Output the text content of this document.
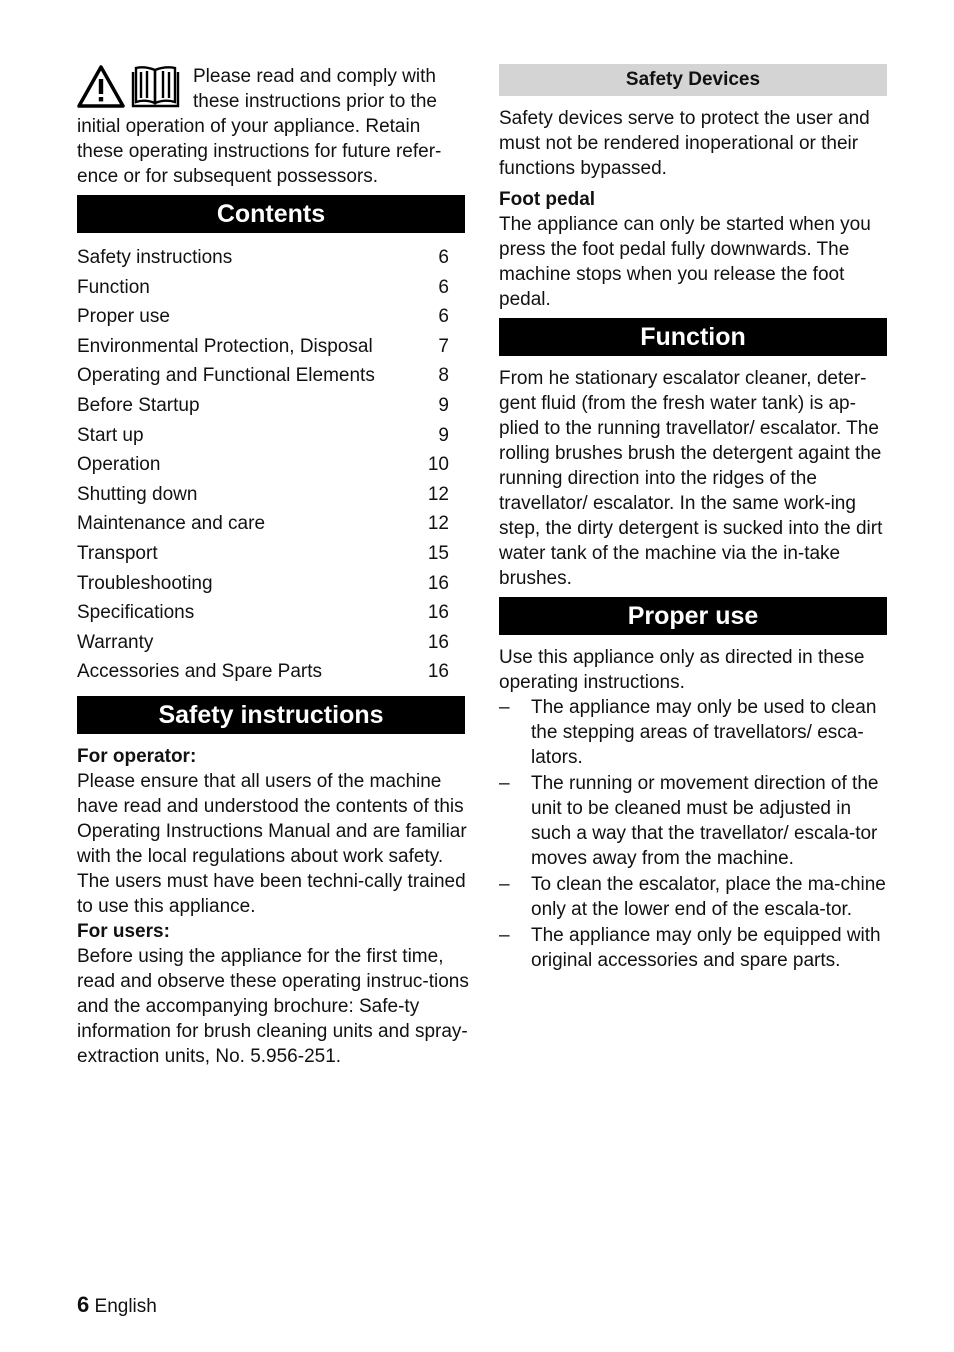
Please read and comply with these instructions prior to the initial operation of your appliance. Retain these operating instructions for future refer-ence or for subsequent possessors.

Contents
Safety instructions	6
Function	6
Proper use	6
Environmental Protection, Disposal	7
Operating and Functional Elements	8
Before Startup	9
Start up	9
Operation	10
Shutting down	12
Maintenance and care	12
Transport	15
Troubleshooting	16
Specifications	16
Warranty	16
Accessories and Spare Parts	16
Safety instructions

For operator:

Please ensure that all users of the machine have read and understood the contents of this Operating Instructions Manual and are familiar with the local regulations about work safety. The users must have been techni-cally trained to use this appliance.

For users:

Before using the appliance for the first time, read and observe these operating instruc-tions and the accompanying brochure: Safe-ty information for brush cleaning units and spray-extraction units, No. 5.956-251.

Safety Devices

Safety devices serve to protect the user and must not be rendered inoperational or their functions bypassed.

Foot pedal

The appliance can only be started when you press the foot pedal fully downwards. The machine stops when you release the foot pedal.

Function

From he stationary escalator cleaner, deter-gent fluid (from the fresh water tank) is ap-plied to the running travellator/ escalator. The rolling brushes brush the detergent againt the running direction into the ridges of the travellator/ escalator. In the same work-ing step, the dirty detergent is sucked into the dirt water tank of the machine via the in-take brushes.

Proper use

Use this appliance only as directed in these operating instructions.

– The appliance may only be used to clean the stepping areas of travellators/ esca-lators.
– The running or movement direction of the unit to be cleaned must be adjusted in such a way that the travellator/ escala-tor moves away from the machine.
– To clean the escalator, place the ma-chine only at the lower end of the escala-tor.
– The appliance may only be equipped with original accessories and spare parts.
6 English
